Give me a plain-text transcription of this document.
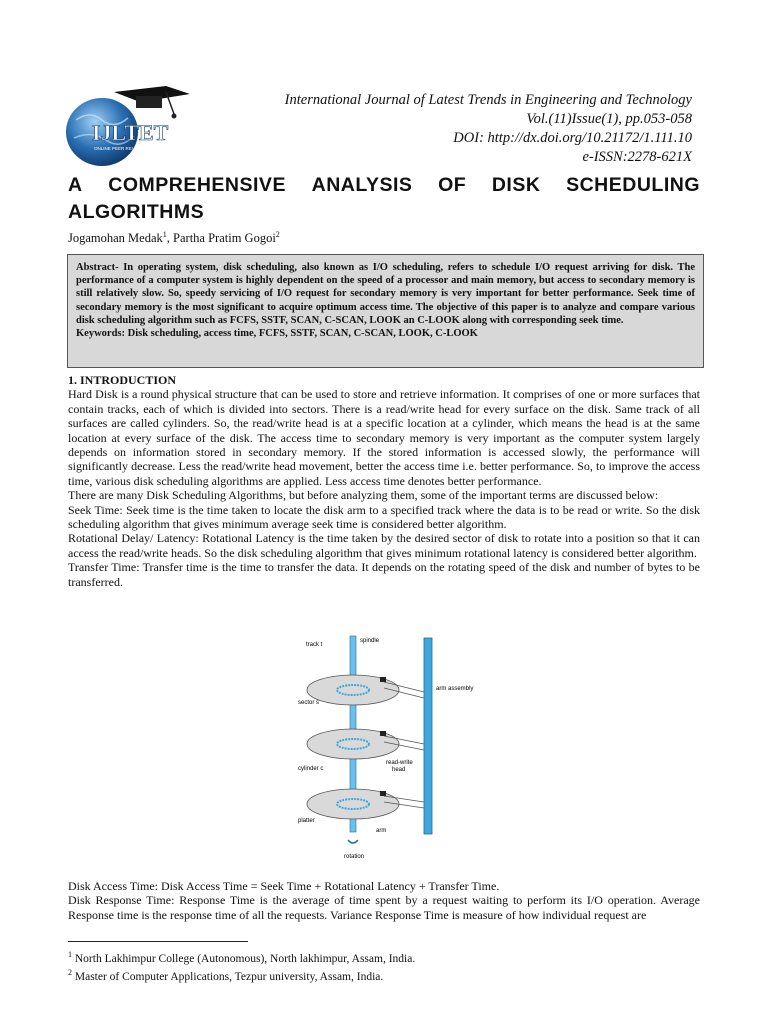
IJLTET
ONLINE PEER REVIEWED JOURNAL
International Journal of Latest Trends in Engineering and Technology
Vol.(11)Issue(1), pp.053-058
DOI: http://dx.doi.org/10.21172/1.111.10
e-ISSN:2278-621X
A COMPREHENSIVE ANALYSIS OF DISK SCHEDULING
ALGORITHMS
Jogamohan Medak$^1$, Partha Pratim Gogoi$^2$
Abstract- In operating system, disk scheduling, also known as I/O scheduling, refers to schedule I/O request arriving for disk. The performance of a computer system is highly dependent on the speed of a processor and main memory, but access to secondary memory is still relatively slow. So, speedy servicing of I/O request for secondary memory is very important for better performance. Seek time of secondary memory is the most significant to acquire optimum access time. The objective of this paper is to analyze and compare various disk scheduling algorithm such as FCFS, SSTF, SCAN, C-SCAN, LOOK an C-LOOK along with corresponding seek time.
Keywords: Disk scheduling, access time, FCFS, SSTF, SCAN, C-SCAN, LOOK, C-LOOK

1. INTRODUCTION

Hard Disk is a round physical structure that can be used to store and retrieve information. It comprises of one or more surfaces that contain tracks, each of which is divided into sectors. There is a read/write head for every surface on the disk. Same track of all surfaces are called cylinders. So, the read/write head is at a specific location at a cylinder, which means the head is at the same location at every surface of the disk. The access time to secondary memory is very important as the computer system largely depends on information stored in secondary memory. If the stored information is accessed slowly, the performance will significantly decrease. Less the read/write head movement, better the access time i.e. better performance. So, to improve the access time, various disk scheduling algorithms are applied. Less access time denotes better performance.

There are many Disk Scheduling Algorithms, but before analyzing them, some of the important terms are discussed below:

Seek Time: Seek time is the time taken to locate the disk arm to a specified track where the data is to be read or write. So the disk scheduling algorithm that gives minimum average seek time is considered better algorithm.

Rotational Delay/ Latency: Rotational Latency is the time taken by the desired sector of disk to rotate into a position so that it can access the read/write heads. So the disk scheduling algorithm that gives minimum rotational latency is considered better algorithm.

Transfer Time: Transfer time is the time to transfer the data. It depends on the rotating speed of the disk and number of bytes to be transferred.

track t
spindle
arm assembly
sector s
cylinder c
read-write
head
platter
arm
rotation

Disk Access Time: Disk Access Time = Seek Time + Rotational Latency + Transfer Time.

Disk Response Time: Response Time is the average of time spent by a request waiting to perform its I/O operation. Average Response time is the response time of all the requests. Variance Response Time is measure of how individual request are

$^1$ North Lakhimpur College (Autonomous), North lakhimpur, Assam, India.
$^2$ Master of Computer Applications, Tezpur university, Assam, India.
